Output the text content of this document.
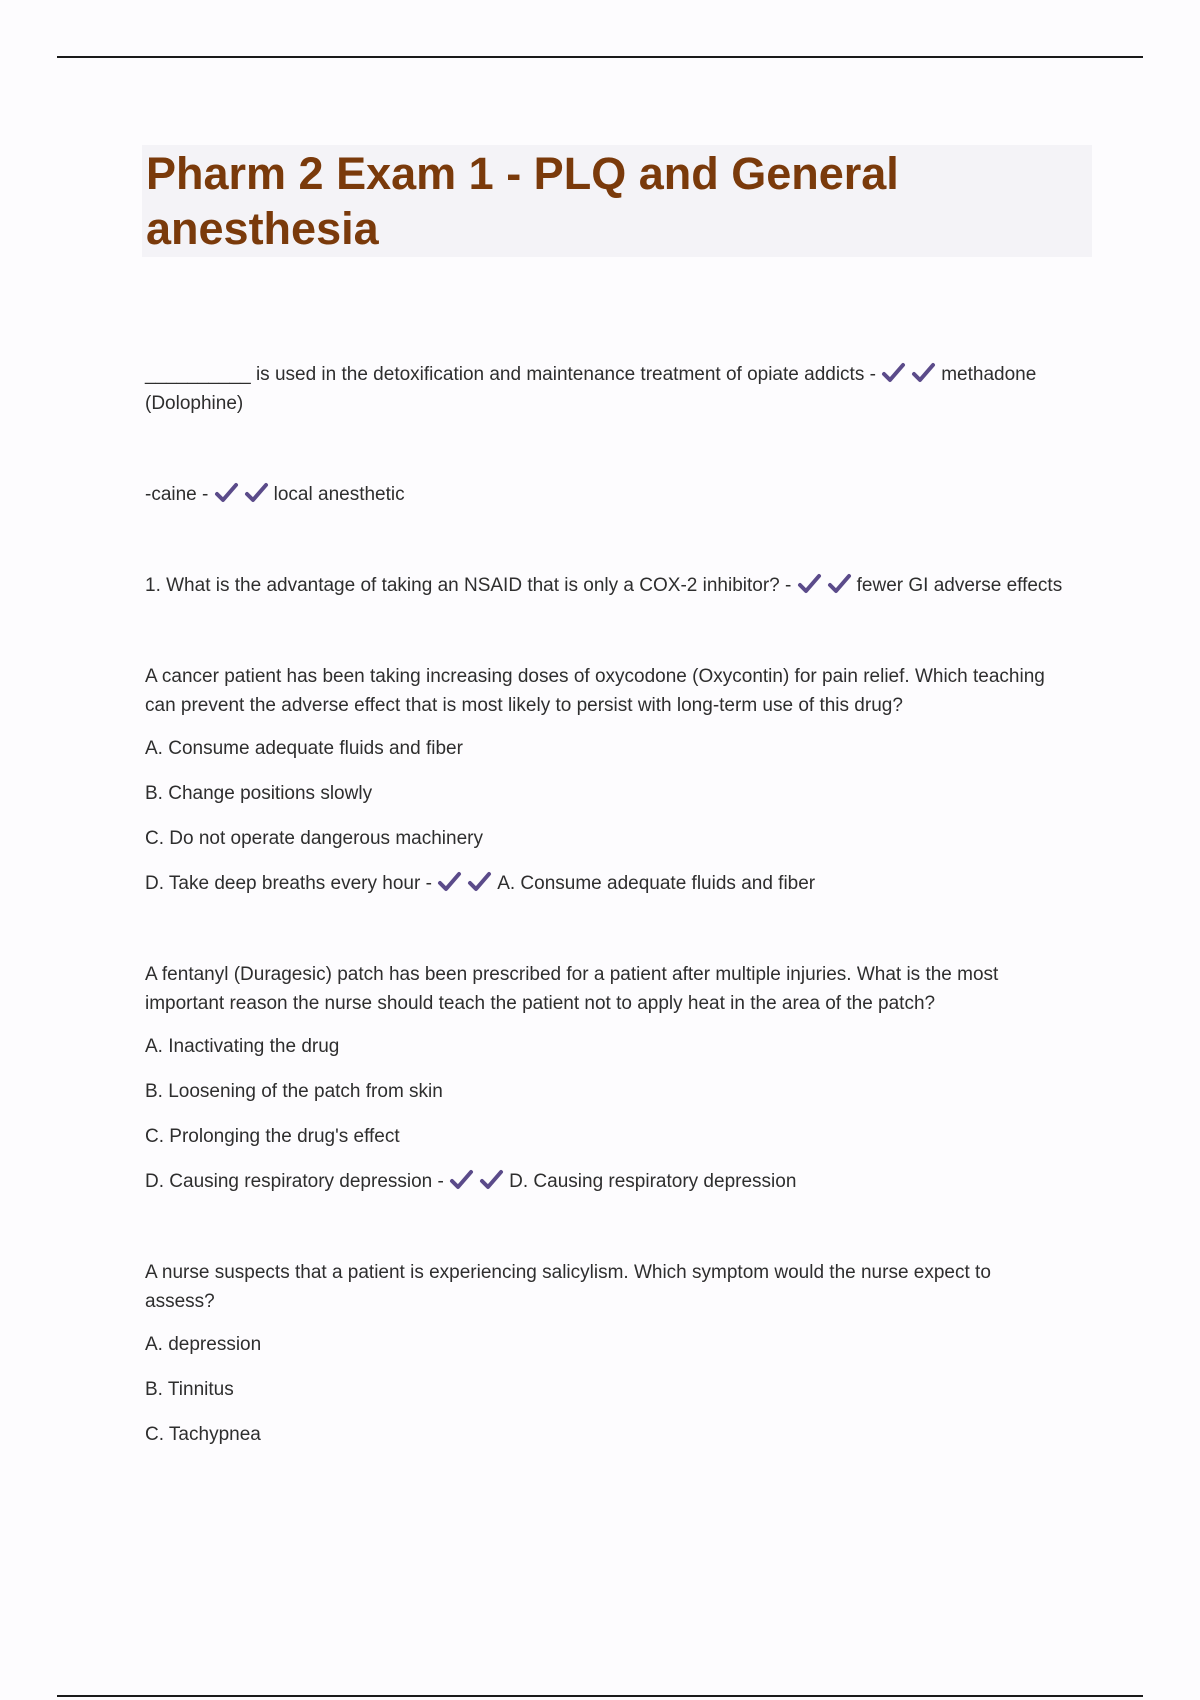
Pharm 2 Exam 1 - PLQ and General anesthesia

__________ is used in the detoxification and maintenance treatment of opiate addicts -	methadone (Dolophine)

-caine -	local anesthetic

1. What is the advantage of taking an NSAID that is only a COX-2 inhibitor? -	fewer GI adverse effects

A cancer patient has been taking increasing doses of oxycodone (Oxycontin) for pain relief. Which teaching can prevent the adverse effect that is most likely to persist with long-term use of this drug?

A. Consume adequate fluids and fiber

B. Change positions slowly

C. Do not operate dangerous machinery

D. Take deep breaths every hour -	A. Consume adequate fluids and fiber

A fentanyl (Duragesic) patch has been prescribed for a patient after multiple injuries. What is the most important reason the nurse should teach the patient not to apply heat in the area of the patch?

A. Inactivating the drug

B. Loosening of the patch from skin

C. Prolonging the drug's effect

D. Causing respiratory depression -	D. Causing respiratory depression

A nurse suspects that a patient is experiencing salicylism. Which symptom would the nurse expect to assess?

A. depression

B. Tinnitus

C. Tachypnea
